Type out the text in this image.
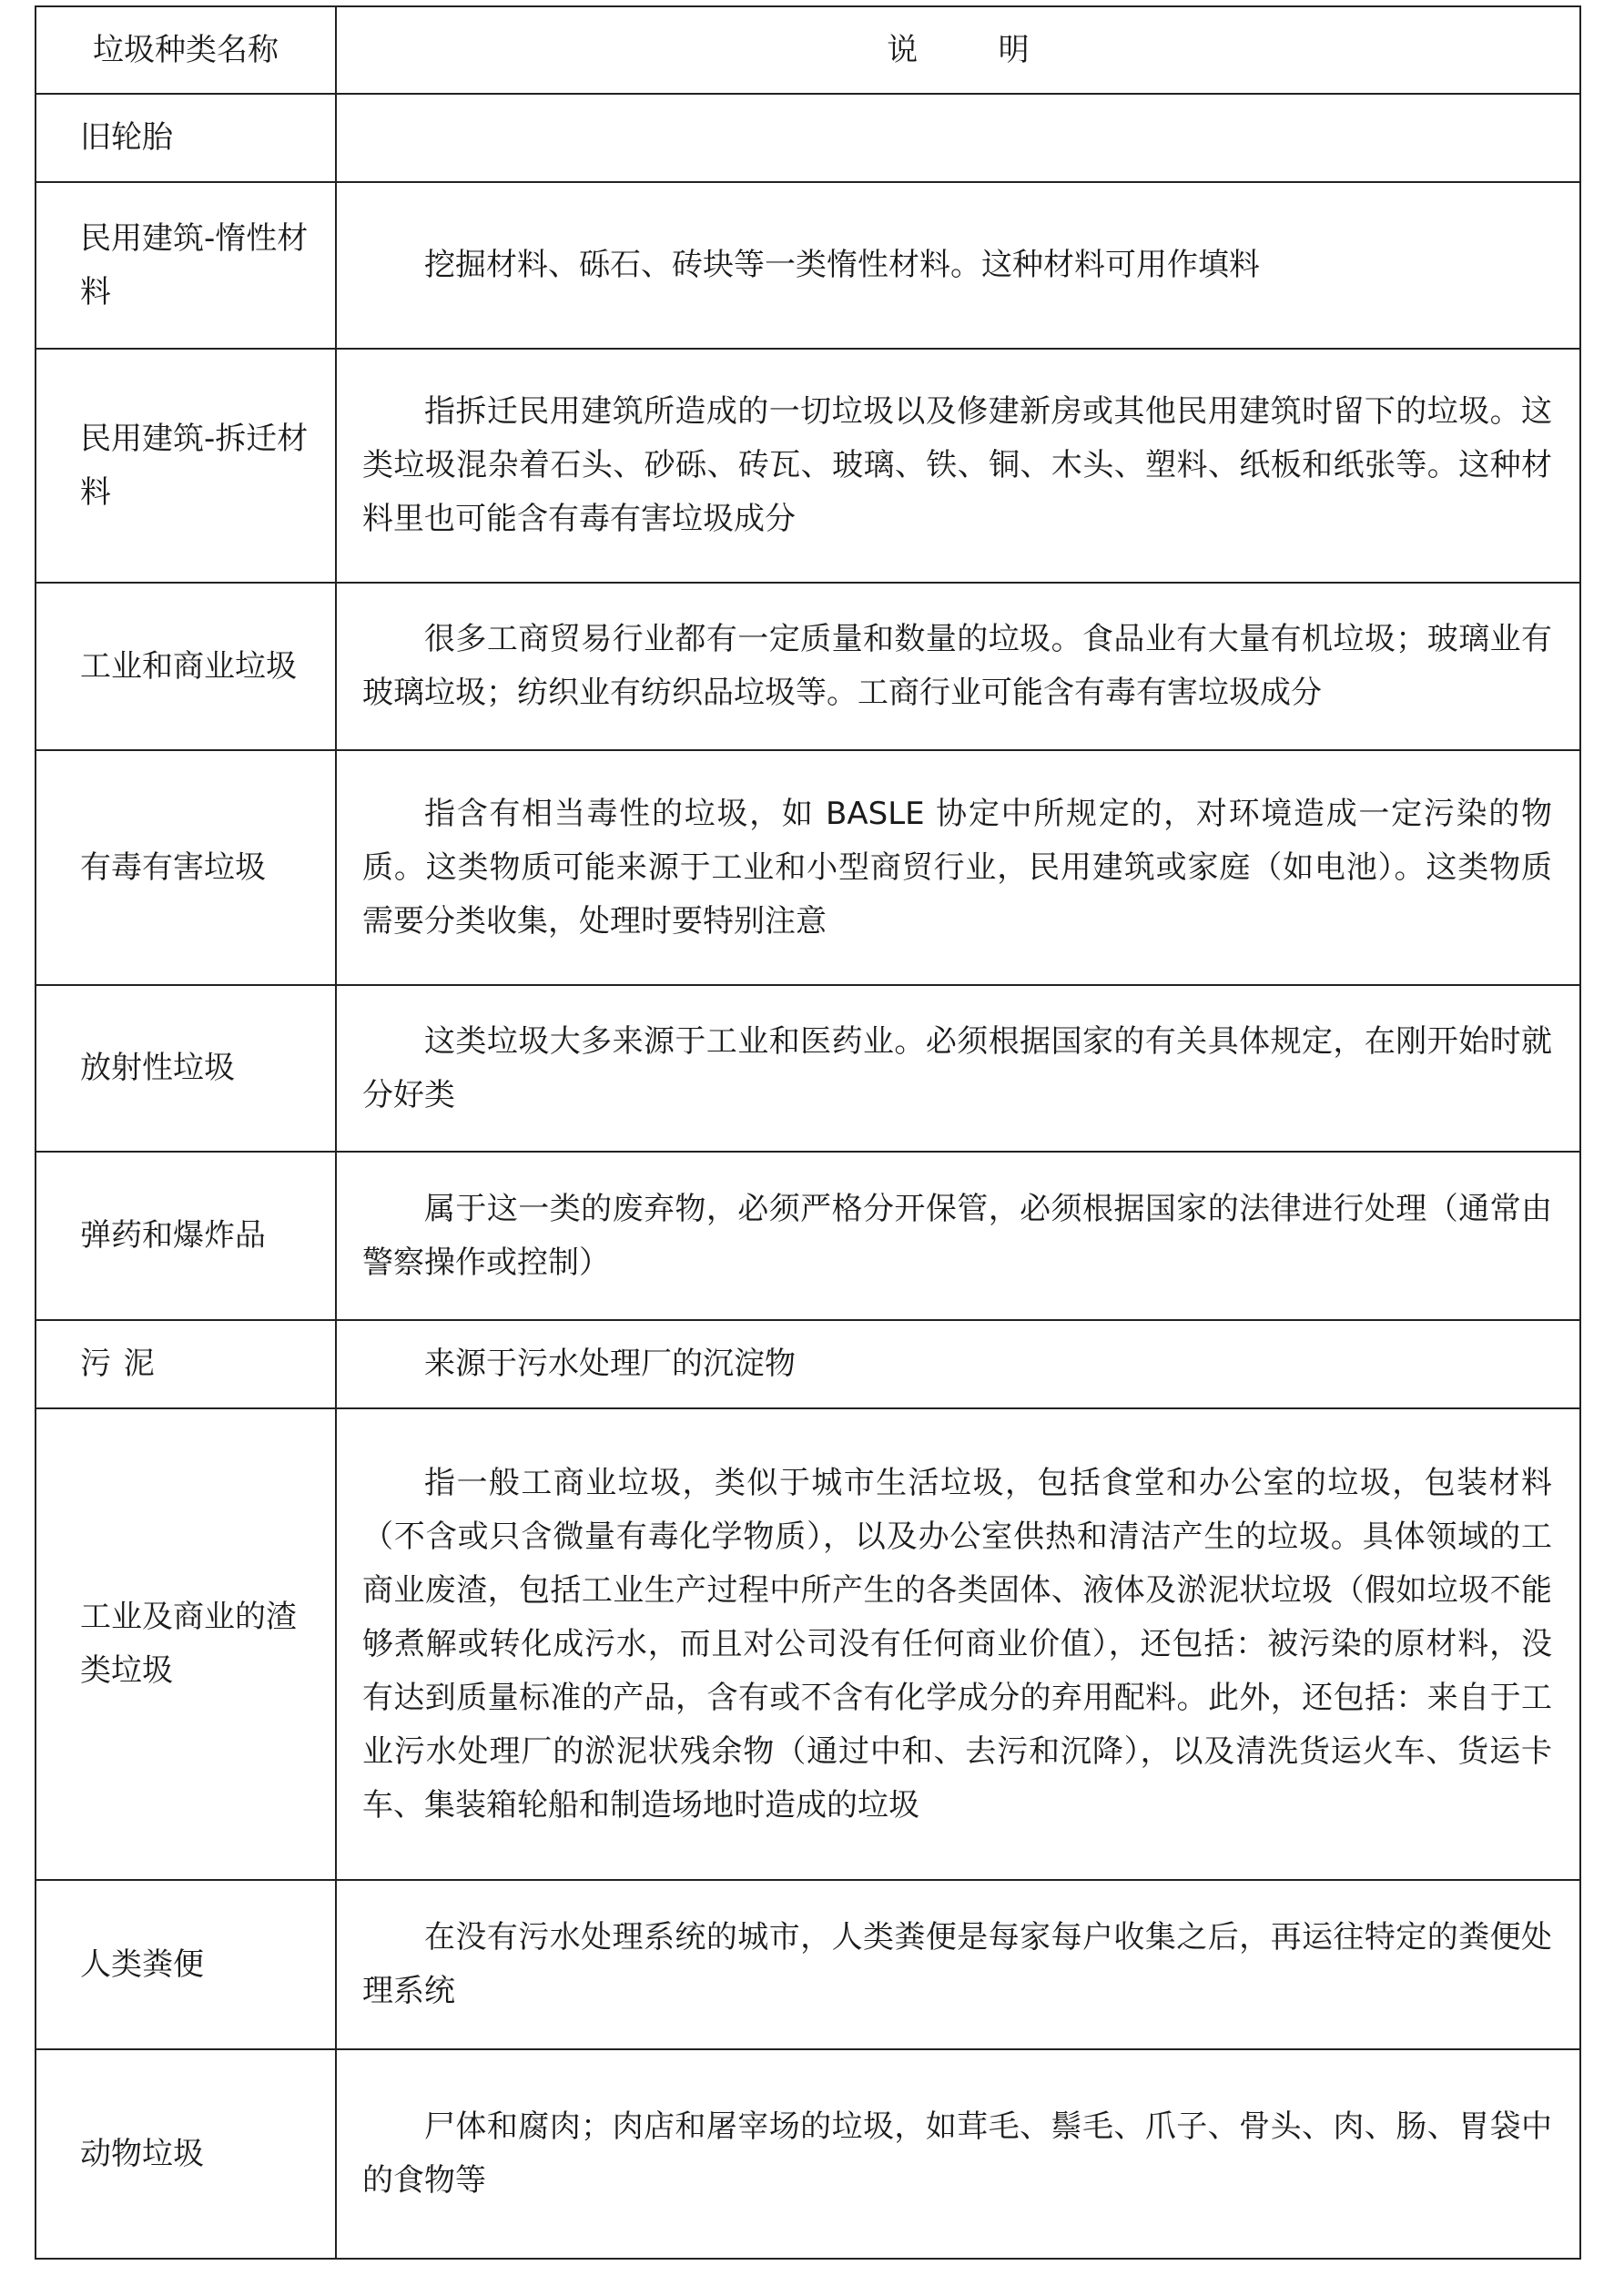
垃圾种类名称	说明
旧轮胎	
民用建筑-惰性材料	挖掘材料、砾石、砖块等一类惰性材料。这种材料可用作填料
民用建筑-拆迁材料	指拆迁民用建筑所造成的一切垃圾以及修建新房或其他民用建筑时留下的垃圾。这类垃圾混杂着石头、砂砾、砖瓦、玻璃、铁、铜、木头、塑料、纸板和纸张等。这种材料里也可能含有毒有害垃圾成分
工业和商业垃圾	很多工商贸易行业都有一定质量和数量的垃圾。食品业有大量有机垃圾；玻璃业有玻璃垃圾；纺织业有纺织品垃圾等。工商行业可能含有毒有害垃圾成分
有毒有害垃圾	指含有相当毒性的垃圾，如 BASLE 协定中所规定的，对环境造成一定污染的物质。这类物质可能来源于工业和小型商贸行业，民用建筑或家庭（如电池）。这类物质需要分类收集，处理时要特别注意
放射性垃圾	这类垃圾大多来源于工业和医药业。必须根据国家的有关具体规定，在刚开始时就分好类
弹药和爆炸品	属于这一类的废弃物，必须严格分开保管，必须根据国家的法律进行处理（通常由警察操作或控制）
污泥	来源于污水处理厂的沉淀物
工业及商业的渣类垃圾	指一般工商业垃圾，类似于城市生活垃圾，包括食堂和办公室的垃圾，包装材料（不含或只含微量有毒化学物质），以及办公室供热和清洁产生的垃圾。具体领域的工商业废渣，包括工业生产过程中所产生的各类固体、液体及淤泥状垃圾（假如垃圾不能够煮解或转化成污水，而且对公司没有任何商业价值），还包括：被污染的原材料，没有达到质量标准的产品，含有或不含有化学成分的弃用配料。此外，还包括：来自于工业污水处理厂的淤泥状残余物（通过中和、去污和沉降），以及清洗货运火车、货运卡车、集装箱轮船和制造场地时造成的垃圾
人类粪便	在没有污水处理系统的城市，人类粪便是每家每户收集之后，再运往特定的粪便处理系统
动物垃圾	尸体和腐肉；肉店和屠宰场的垃圾，如茸毛、鬃毛、爪子、骨头、肉、肠、胃袋中的食物等
